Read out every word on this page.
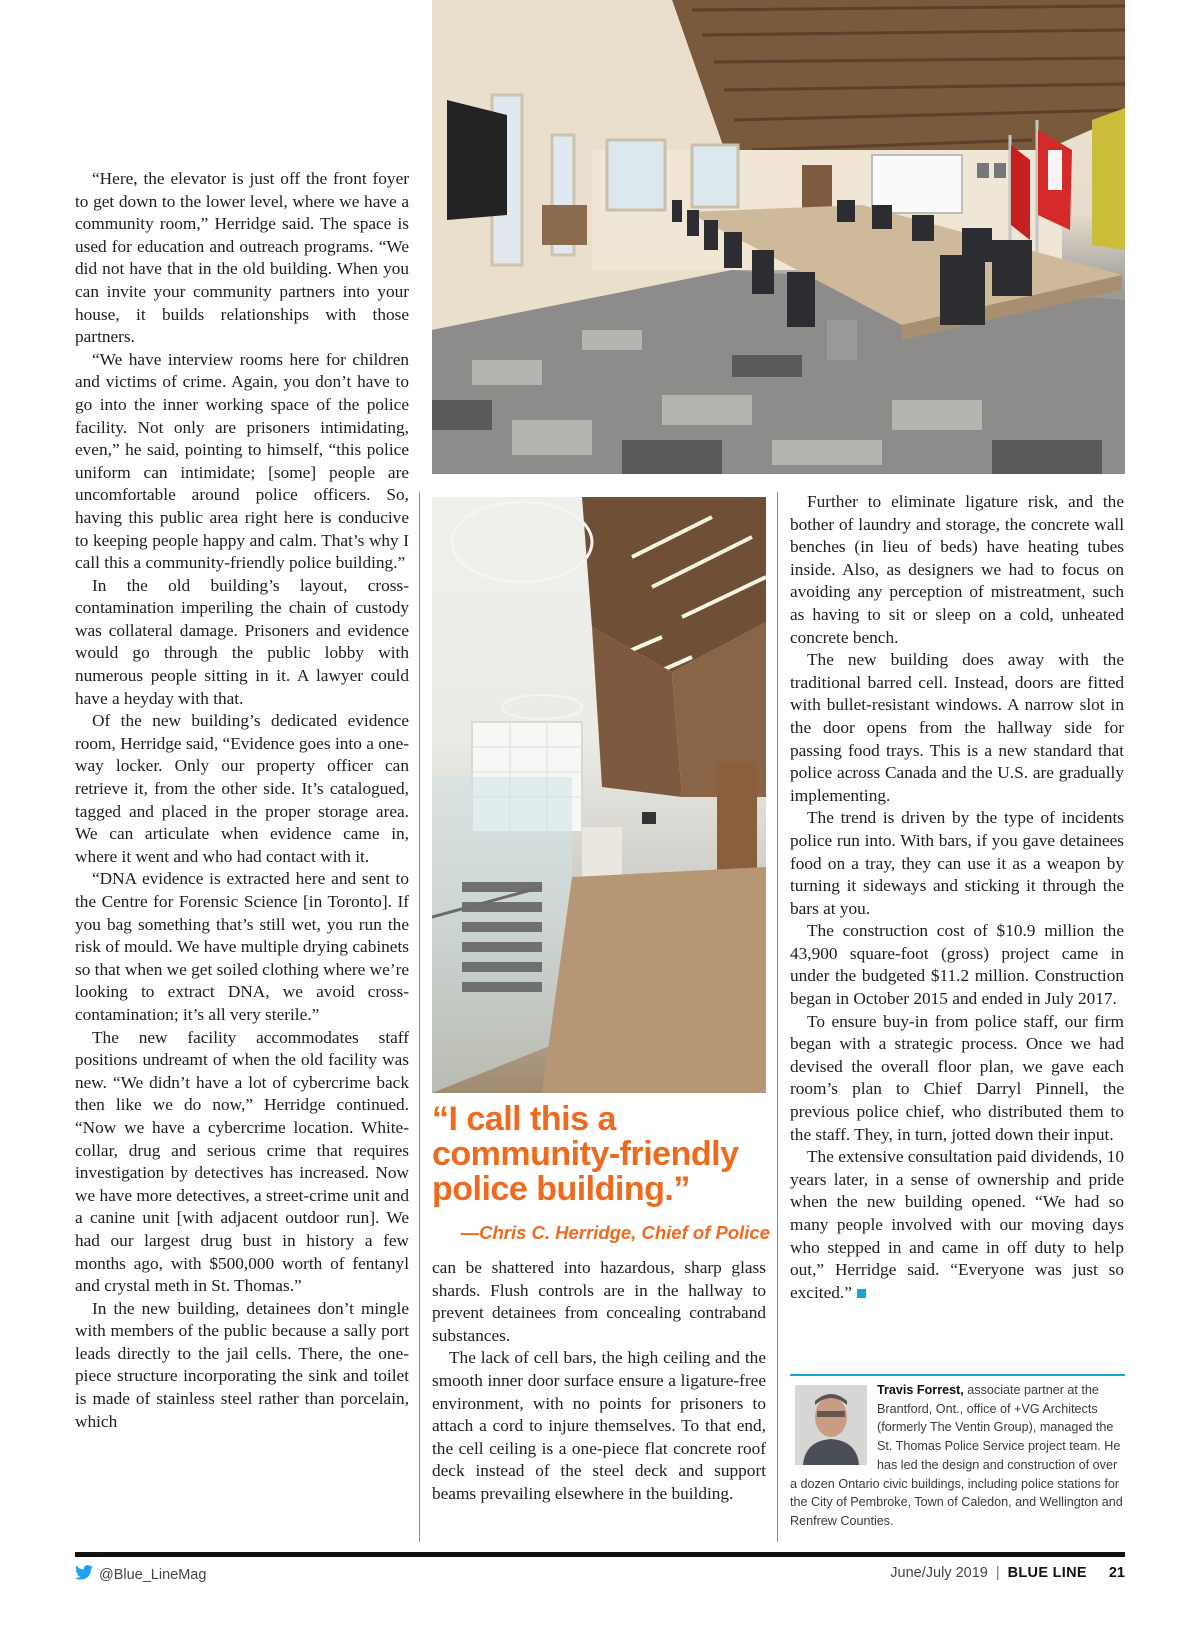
“Here, the elevator is just off the front foyer to get down to the lower level, where we have a community room,” Herridge said. The space is used for education and outreach programs. “We did not have that in the old building. When you can invite your community partners into your house, it builds relationships with those partners.

“We have interview rooms here for children and victims of crime. Again, you don’t have to go into the inner working space of the police facility. Not only are prisoners intimidating, even,” he said, pointing to himself, “this police uniform can intimidate; [some] people are uncomfortable around police officers. So, having this public area right here is conducive to keeping people happy and calm. That’s why I call this a community-friendly police building.”

In the old building’s layout, cross-contamination imperiling the chain of custody was collateral damage. Prisoners and evidence would go through the public lobby with numerous people sitting in it. A lawyer could have a heyday with that.

Of the new building’s dedicated evidence room, Herridge said, “Evidence goes into a one-way locker. Only our property officer can retrieve it, from the other side. It’s catalogued, tagged and placed in the proper storage area. We can articulate when evidence came in, where it went and who had contact with it.

“DNA evidence is extracted here and sent to the Centre for Forensic Science [in Toronto]. If you bag something that’s still wet, you run the risk of mould. We have multiple drying cabinets so that when we get soiled clothing where we’re looking to extract DNA, we avoid cross-contamination; it’s all very sterile.”

The new facility accommodates staff positions undreamt of when the old facility was new. “We didn’t have a lot of cybercrime back then like we do now,” Herridge continued. “Now we have a cybercrime location. White-collar, drug and serious crime that requires investigation by detectives has increased. Now we have more detectives, a street-crime unit and a canine unit [with adjacent outdoor run]. We had our largest drug bust in history a few months ago, with $500,000 worth of fentanyl and crystal meth in St. Thomas.”

In the new building, detainees don’t mingle with members of the public because a sally port leads directly to the jail cells. There, the one-piece structure incorporating the sink and toilet is made of stainless steel rather than porcelain, which

“I call this a community-friendly police building.”
—Chris C. Herridge, Chief of Police

can be shattered into hazardous, sharp glass shards. Flush controls are in the hallway to prevent detainees from concealing contraband substances.

The lack of cell bars, the high ceiling and the smooth inner door surface ensure a ligature-free environment, with no points for prisoners to attach a cord to injure themselves. To that end, the cell ceiling is a one-piece flat concrete roof deck instead of the steel deck and support beams prevailing elsewhere in the building.

Further to eliminate ligature risk, and the bother of laundry and storage, the concrete wall benches (in lieu of beds) have heating tubes inside. Also, as designers we had to focus on avoiding any perception of mistreatment, such as having to sit or sleep on a cold, unheated concrete bench.

The new building does away with the traditional barred cell. Instead, doors are fitted with bullet-resistant windows. A narrow slot in the door opens from the hallway side for passing food trays. This is a new standard that police across Canada and the U.S. are gradually implementing.

The trend is driven by the type of incidents police run into. With bars, if you gave detainees food on a tray, they can use it as a weapon by turning it sideways and sticking it through the bars at you.

The construction cost of $10.9 million the 43,900 square-foot (gross) project came in under the budgeted $11.2 million. Construction began in October 2015 and ended in July 2017.

To ensure buy-in from police staff, our firm began with a strategic process. Once we had devised the overall floor plan, we gave each room’s plan to Chief Darryl Pinnell, the previous police chief, who distributed them to the staff. They, in turn, jotted down their input.

The extensive consultation paid dividends, 10 years later, in a sense of ownership and pride when the new building opened. “We had so many people involved with our moving days who stepped in and came in off duty to help out,” Herridge said. “Everyone was just so excited.”

Travis Forrest, associate partner at the Brantford, Ont., office of +VG Architects (formerly The Ventin Group), managed the St. Thomas Police Service project team. He has led the design and construction of over a dozen Ontario civic buildings, including police stations for the City of Pembroke, Town of Caledon, and Wellington and Renfrew Counties.
@Blue_LineMag	June/July 2019 | BLUE LINE 21
